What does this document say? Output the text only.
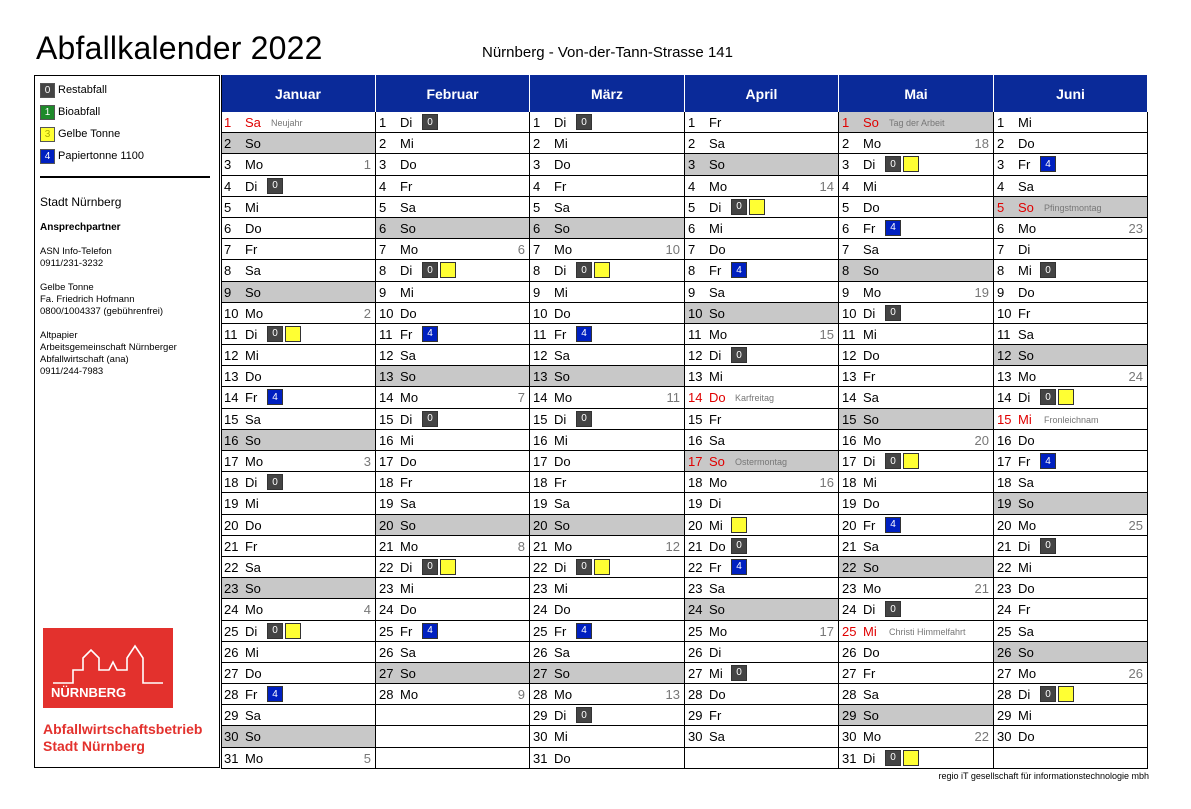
Abfallkalender 2022	Nürnberg - Von-der-Tann-Strasse 141
0 Restabfall
1 Bioabfall
3 Gelbe Tonne
4 Papiertonne 1100
Stadt Nürnberg
Ansprechpartner
ASN Info-Telefon
0911/231-3232
Gelbe Tonne
Fa. Friedrich Hofmann
0800/1004337 (gebührenfrei)
Altpapier
Arbeitsgemeinschaft Nürnberger
Abfallwirtschaft (ana)
0911/244-7983
NÜRNBERG
Abfallwirtschaftsbetrieb
Stadt Nürnberg
Januar
1	Sa Neujahr
2	So
3	Mo	1
4	Di	0
5	Mi
6	Do
7	Fr
8	Sa
9	So
10 Mo	2
11 Di	0
12 Mi
13 Do
14 Fr	4
15 Sa
16 So
17 Mo	3
18 Di	0
19 Mi
20 Do
21 Fr
22 Sa
23 So
24 Mo	4
25 Di	0
26 Mi
27 Do
28 Fr	4
29 Sa
30 So
31 Mo	5
Februar
1	Di	0
2	Mi
3	Do
4	Fr
5	Sa
6	So
7	Mo	6
8	Di	0
9	Mi
10 Do
11 Fr	4
12 Sa
13 So
14 Mo	7
15 Di	0
16 Mi
17 Do
18 Fr
19 Sa
20 So
21 Mo	8
22 Di	0
23 Mi
24 Do
25 Fr	4
26 Sa
27 So
28 Mo	9
März
1	Di	0
2	Mi
3	Do
4	Fr
5	Sa
6	So
7	Mo	10
8	Di	0
9	Mi
10 Do
11 Fr	4
12 Sa
13 So
14 Mo	11
15 Di	0
16 Mi
17 Do
18 Fr
19 Sa
20 So
21 Mo	12
22 Di	0
23 Mi
24 Do
25 Fr	4
26 Sa
27 So
28 Mo	13
29 Di	0
30 Mi
31 Do
April
1	Fr
2	Sa
3	So
4	Mo	14
5	Di	0
6	Mi
7	Do
8	Fr	4
9	Sa
10 So
11 Mo	15
12 Di	0
13 Mi
14 Do Karfreitag
15 Fr
16 Sa
17 So Ostermontag
18 Mo	16
19 Di
20 Mi
21 Do	0
22 Fr	4
23 Sa
24 So
25 Mo	17
26 Di
27 Mi	0
28 Do
29 Fr
30 Sa
Mai
1	So Tag der Arbeit
2	Mo	18
3	Di	0
4	Mi
5	Do
6	Fr	4
7	Sa
8	So
9	Mo	19
10 Di	0
11 Mi
12 Do
13 Fr
14 Sa
15 So
16 Mo	20
17 Di	0
18 Mi
19 Do
20 Fr	4
21 Sa
22 So
23 Mo	21
24 Di	0
25 Mi Christi Himmelfahrt
26 Do
27 Fr
28 Sa
29 So
30 Mo	22
31 Di	0
Juni
1	Mi
2	Do
3	Fr	4
4	Sa
5	So Pfingstmontag
6	Mo	23
7	Di
8	Mi	0
9	Do
10 Fr
11 Sa
12 So
13 Mo	24
14 Di	0
15 Mi Fronleichnam
16 Do
17 Fr	4
18 Sa
19 So
20 Mo	25
21 Di	0
22 Mi
23 Do
24 Fr
25 Sa
26 So
27 Mo	26
28 Di	0
29 Mi
30 Do
regio iT gesellschaft für informationstechnologie mbh
